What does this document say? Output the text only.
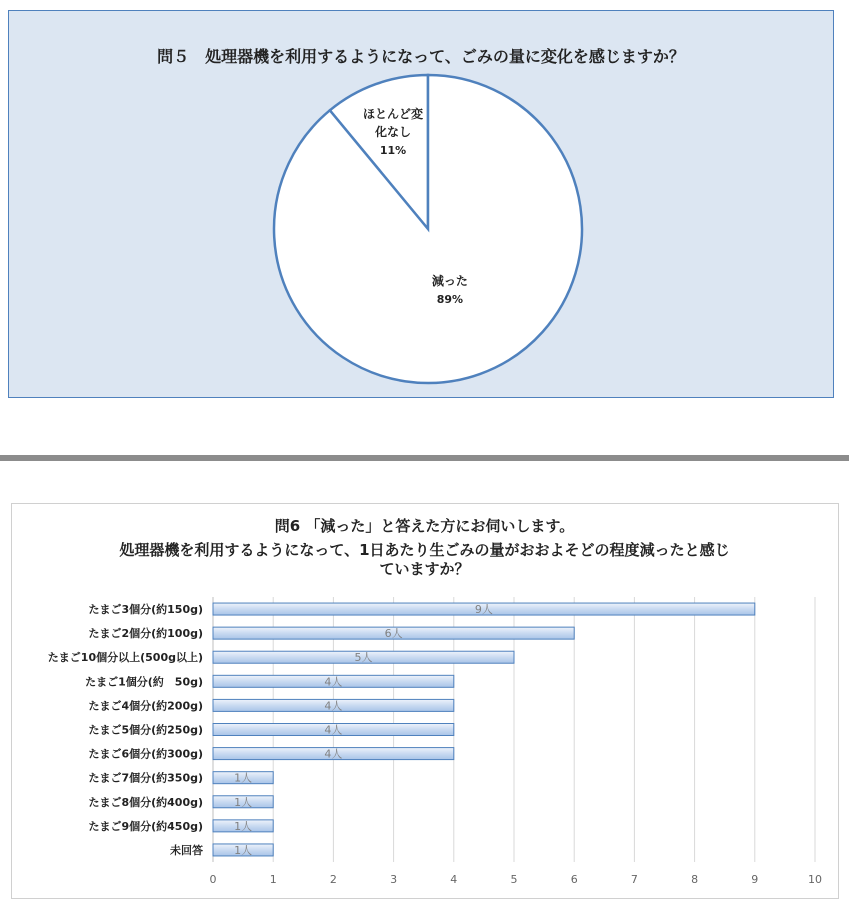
問５　処理器機を利用するようになって、ごみの量に変化を感じますか？
ほとんど変
化なし
11%
減った
89%
問6 「減った」と答えた方にお伺いします。
処理器機を利用するようになって、1日あたり生ごみの量がおおよそどの程度減ったと感じ
ていますか？
0	1	2	3	4	5	6	7	8	9	10
9人
たまご3個分(約150g)
6人
たまご2個分(約100g)
5人
たまご10個分以上(500g以上)
4人
たまご1個分(約　50g)
4人
たまご4個分(約200g)
4人
たまご5個分(約250g)
4人
たまご6個分(約300g)
1人
たまご7個分(約350g)
1人
たまご8個分(約400g)
1人
たまご9個分(約450g)
1人
未回答
